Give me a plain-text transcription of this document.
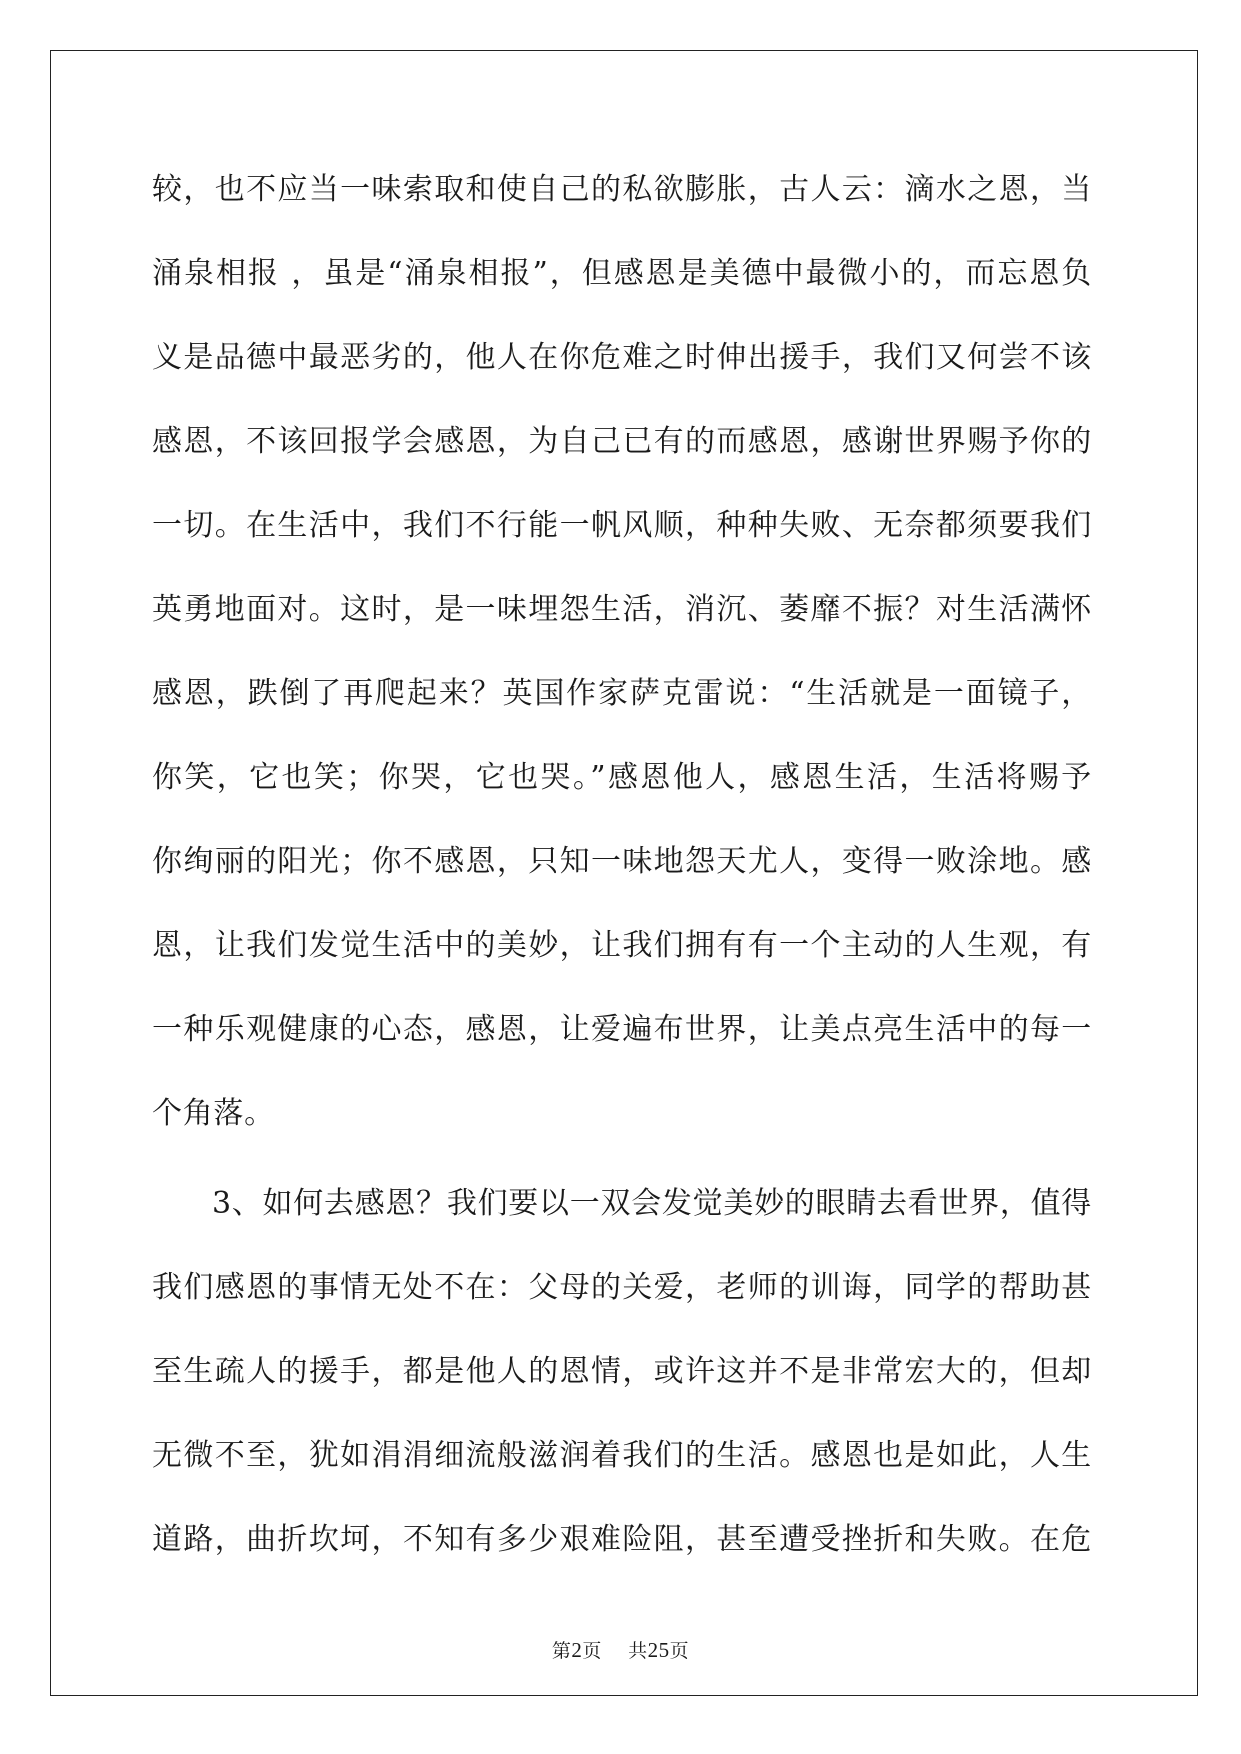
较，也不应当一味索取和使自己的私欲膨胀，古人云：滴水之恩，当
涌泉相报 ，虽是“涌泉相报”，但感恩是美德中最微小的，而忘恩负
义是品德中最恶劣的，他人在你危难之时伸出援手，我们又何尝不该
感恩，不该回报学会感恩，为自己已有的而感恩，感谢世界赐予你的
一切。在生活中，我们不行能一帆风顺，种种失败、无奈都须要我们
英勇地面对。这时，是一味埋怨生活，消沉、萎靡不振？对生活满怀
感恩，跌倒了再爬起来？英国作家萨克雷说：“生活就是一面镜子，
你笑，它也笑；你哭，它也哭。”感恩他人，感恩生活，生活将赐予
你绚丽的阳光；你不感恩，只知一味地怨天尤人，变得一败涂地。感
恩，让我们发觉生活中的美妙，让我们拥有有一个主动的人生观，有
一种乐观健康的心态，感恩，让爱遍布世界，让美点亮生活中的每一
个角落。
3、如何去感恩？我们要以一双会发觉美妙的眼睛去看世界，值得
我们感恩的事情无处不在：父母的关爱，老师的训诲，同学的帮助甚
至生疏人的援手，都是他人的恩情，或许这并不是非常宏大的，但却
无微不至，犹如涓涓细流般滋润着我们的生活。感恩也是如此，人生
道路，曲折坎坷，不知有多少艰难险阻，甚至遭受挫折和失败。在危
第2页 共25页
